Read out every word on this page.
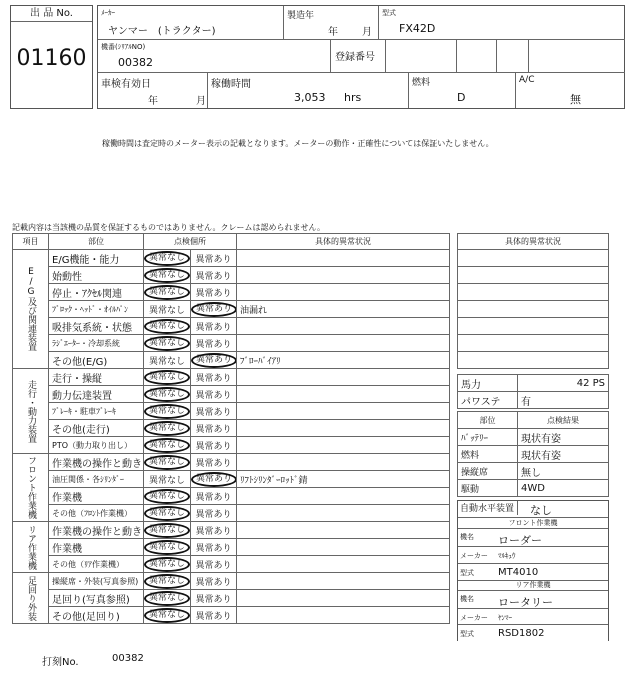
出 品 No.
01160
ﾒｰｶｰ
ヤンマー　(トラクター)
製造年
年 月
型式
FX42D
機番(ｼﾘｱﾙNO)
00382	登録番号
車検有効日
年	月
稼働時間
3,053 hrs
燃料
D
A/C
無
稼働時間は査定時のメーター表示の記載となります。メーターの動作・正確性については保証いたしません。
記載内容は当該機の品質を保証するものではありません。クレームは認められません。
項目	部位	点検個所		具体的異常状況
E/G及び関連装置	E/G機能・能力	異常なし	異常あり	
	始動性	異常なし	異常あり	
	停止・ｱｸｾﾙ関連	異常なし	異常あり	
	ﾌﾞﾛｯｸ・ﾍｯﾄﾞ・ｵｲﾙﾊﾟﾝ	異常なし	異常あり	油漏れ
	吸排気系統・状態	異常なし	異常あり	
	ﾗｼﾞｴｰﾀｰ・冷却系統	異常なし	異常あり	
	その他(E/G)	異常なし	異常あり	ﾌﾞﾛｰﾊﾞｲｱﾘ
走行・動力装置	走行・操縦	異常なし	異常あり	
	動力伝達装置	異常なし	異常あり	
	ﾌﾞﾚｰｷ・駐車ﾌﾞﾚｰｷ	異常なし	異常あり	
	その他(走行)	異常なし	異常あり	
	PTO（動力取り出し）	異常なし	異常あり	
フロント作業機	作業機の操作と動き	異常なし	異常あり	
	油圧関係・各ｼﾘﾝﾀﾞｰ	異常なし	異常あり	ﾘﾌﾄｼﾘﾝﾀﾞｰﾛｯﾄﾞ錆
	作業機	異常なし	異常あり	
	その他（ﾌﾛﾝﾄ作業機）	異常なし	異常あり	
リア作業機	作業機の操作と動き	異常なし	異常あり	
	作業機	異常なし	異常あり	
	その他（ﾘｱ作業機）	異常なし	異常あり	
足回り外装	操縦席・外装(写真参照)	異常なし	異常あり	
	足回り(写真参照)	異常なし	異常あり	
	その他(足回り)	異常なし	異常あり	
具体的異常状況

馬力	42 PS
パワステ	有
部位	点検結果
ﾊﾞｯﾃﾘｰ	現状有姿
燃料	現状有姿
操縦席	無し
駆動	4WD
自動水平装置	なし
フロント作業機
機名 ローダー
メーカー ﾏﾙｷｭｳ
型式 MT4010
リア作業機
機名 ロータリー
メーカー ﾔﾝﾏｰ
型式 RSD1802
打刻No.	00382
